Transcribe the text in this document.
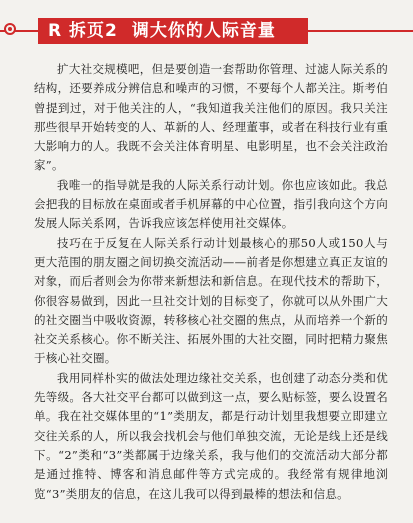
R 拆页2 调大你的人际音量

扩大社交规模吧，但是要创造一套帮助你管理、过滤人际关系的结构，还要养成分辨信息和噪声的习惯，不要每个人都关注。斯考伯曾提到过，对于他关注的人，“我知道我关注他们的原因。我只关注那些很早开始转变的人、革新的人、经理董事，或者在科技行业有重大影响力的人。我既不会关注体育明星、电影明星，也不会关注政治家”。

我唯一的指导就是我的人际关系行动计划。你也应该如此。我总会把我的目标放在桌面或者手机屏幕的中心位置，指引我向这个方向发展人际关系网，告诉我应该怎样使用社交媒体。

技巧在于反复在人际关系行动计划最核心的那50人或150人与更大范围的朋友圈之间切换交流活动——前者是你想建立真正友谊的对象，而后者则会为你带来新想法和新信息。在现代技术的帮助下，你很容易做到，因此一旦社交计划的目标变了，你就可以从外围广大的社交圈当中吸收资源，转移核心社交圈的焦点，从而培养一个新的社交关系核心。你不断关注、拓展外围的大社交圈，同时把精力聚焦于核心社交圈。

我用同样朴实的做法处理边缘社交关系，也创建了动态分类和优先等级。各大社交平台都可以做到这一点，要么贴标签，要么设置名单。我在社交媒体里的“1”类朋友，都是行动计划里我想要立即建立交往关系的人，所以我会找机会与他们单独交流，无论是线上还是线下。“2”类和“3”类都属于边缘关系，我与他们的交流活动大部分都是通过推特、博客和消息邮件等方式完成的。我经常有规律地浏览“3”类朋友的信息，在这儿我可以得到最棒的想法和信息。
